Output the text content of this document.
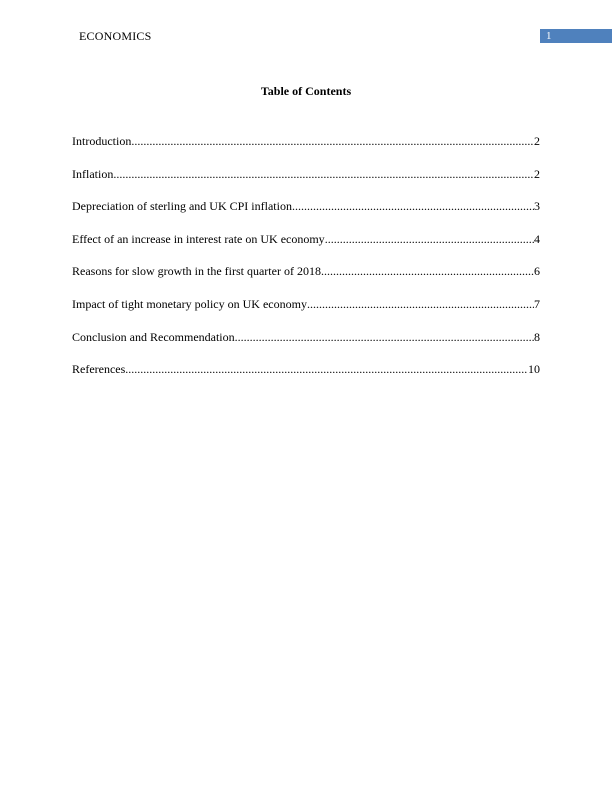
ECONOMICS	1
Table of Contents
Introduction .....	2
Inflation .....	2
Depreciation of sterling and UK CPI inflation .....	3
Effect of an increase in interest rate on UK economy .....	4
Reasons for slow growth in the first quarter of 2018 .....	6
Impact of tight monetary policy on UK economy .....	7
Conclusion and Recommendation .....	8
References .....	10
